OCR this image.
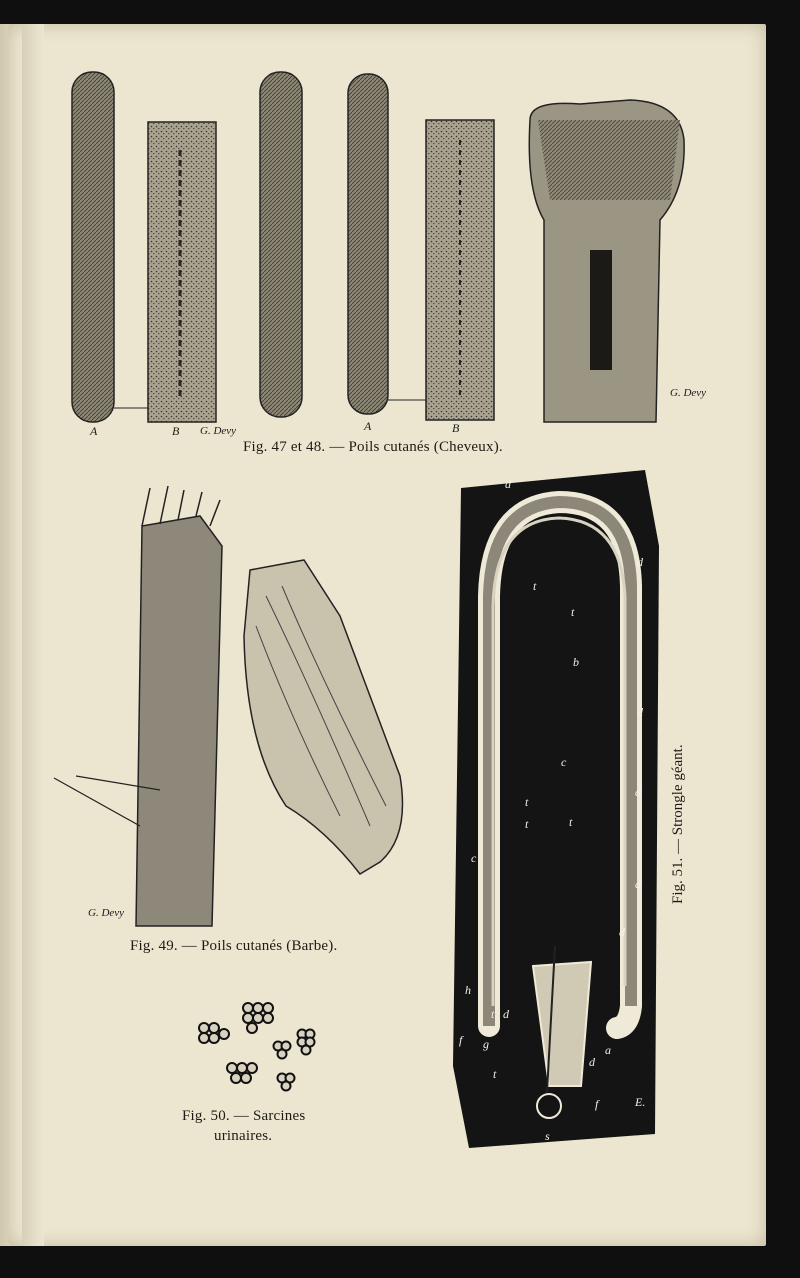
A	B G. Devy	A	B
G. Devy
Fig. 47 et 48. — Poils cutanés (Cheveux).
G. Devy
Fig. 49. — Poils cutanés (Barbe).
Fig. 50. — Sarcines
urinaires.
d
d
t
t
b
d
c
d
t
t	t
c
d
d
h
t d
a
f g
d
t
f
s
E.
Fig. 51. — Strongle géant.
